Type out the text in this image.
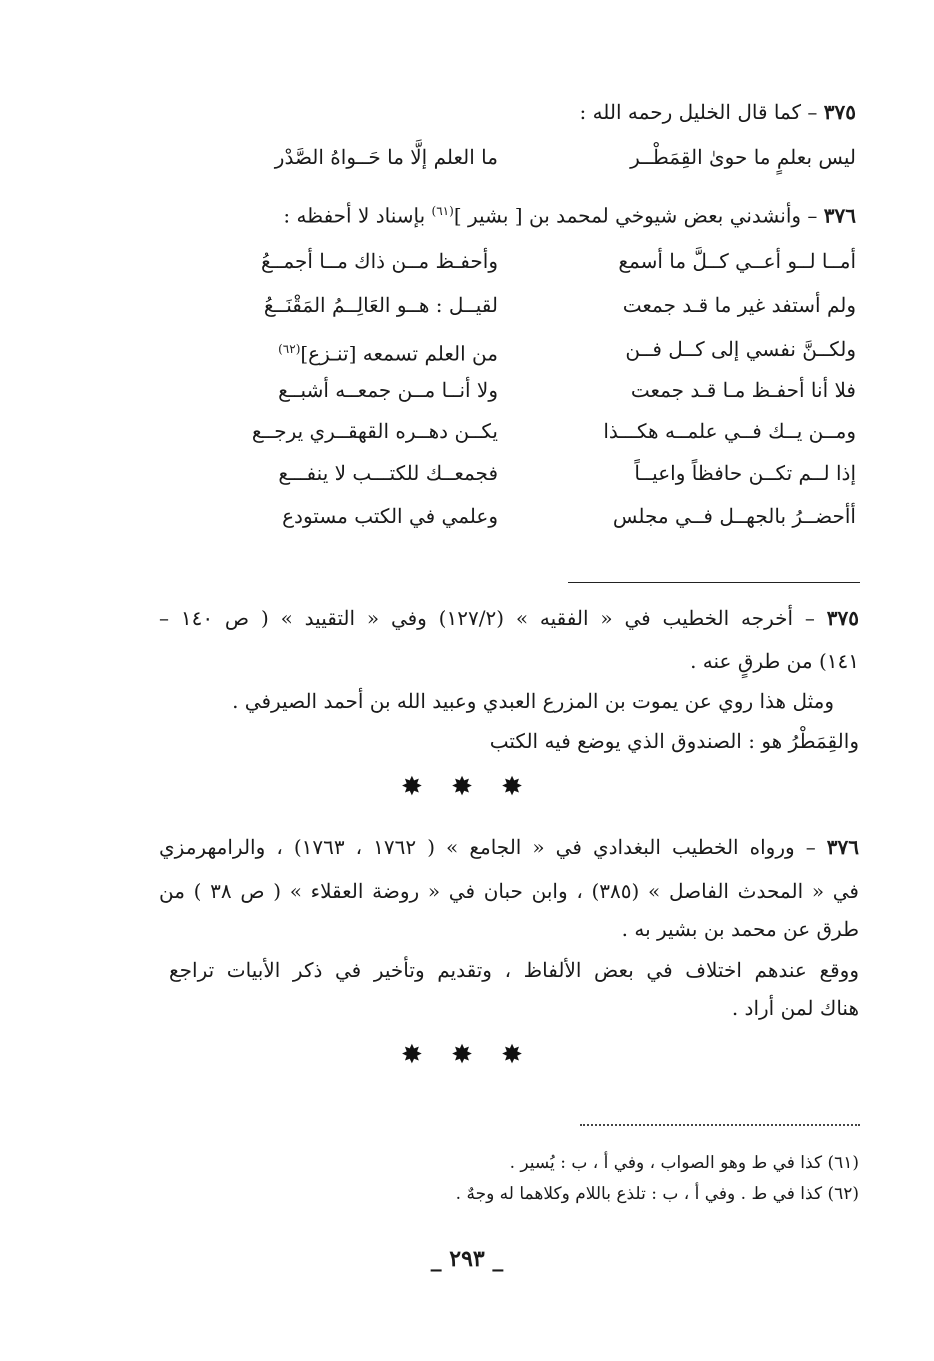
٣٧٥ – كما قال الخليل رحمه الله :
ليس بعلمٍ ما حوىٰ القِمَطْــر
ما العلم إلَّا ما حَــواهُ الصَّدْر
٣٧٦ – وأنشدني بعض شيوخي لمحمد بن [ بشير ]$^{(٦١)}$ بإسناد لا أحفظه :
أمــا لــو أعــي كــلَّ ما أسمع
وأحفـظ مــن ذاك مــا أجمــعُ
ولم أستفد غير ما قـد جمعت
لقيــل : هــو العَالِــمُ المَقْنَــعُ
ولكــنَّ نفسي إلى كــل فــن
من العلم تسمعه [تنـزع]$^{(٦٢)}$
فلا أنا أحفـظ مـا قـد جمعت
ولا أنــا مــن جمعــه أشبــع
ومــن يــك فــي علمــه هكـــذا
يكــن دهــره القهقــري يرجــع
إذا لــم تكــن حافظاً واعيــاً
فجمعــك للكتـــب لا ينفـــع
أأحضــرُ بالجهــل فــي مجلس
وعلمي في الكتب مستودع
٣٧٥ – أخرجه الخطيب في « الفقيه » (١٢٧/٢) وفي « التقييد » ( ص ١٤٠ –
١٤١) من طرقٍ عنه .
ومثل هذا روي عن يموت بن المزرع العبدي وعبيد الله بن أحمد الصيرفي .
والقِمَطْرُ هو : الصندوق الذي يوضع فيه الكتب
✸ ✸ ✸
٣٧٦ – ورواه الخطيب البغدادي في « الجامع » ( ١٧٦٢ ، ١٧٦٣) ، والرامهرمزي
في « المحدث الفاصل » (٣٨٥) ، وابن حبان في « روضة العقلاء » ( ص ٣٨ ) من
طرق عن محمد بن بشير به .
ووقع عندهم اختلاف في بعض الألفاظ ، وتقديم وتأخير في ذكر الأبيات تراجع
هناك لمن أراد .
✸ ✸ ✸
(٦١) كذا في ط وهو الصواب ، وفي أ ، ب : يُسير .
(٦٢) كذا في ط . وفي أ ، ب : تلذع باللام وكلاهما له وجهٌ .
_ ٢٩٣ _
